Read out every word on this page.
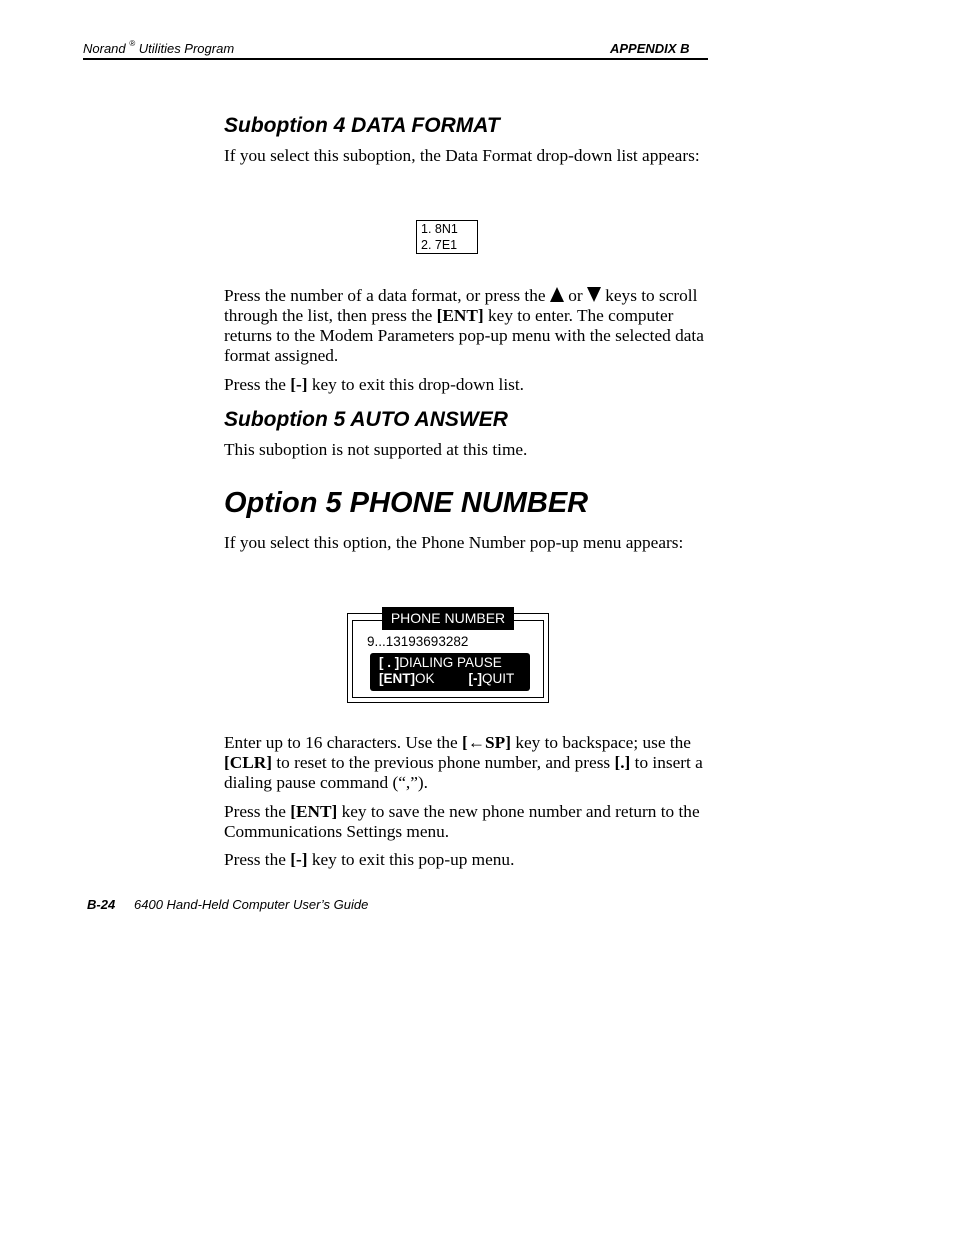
Norand ® Utilities Program	APPENDIX B
Suboption 4 DATA FORMAT
If you select this suboption, the Data Format drop-down list appears:
1. 8N1
2. 7E1
Press the number of a data format, or press the or keys to scroll through the list, then press the [ENT] key to enter. The computer returns to the Modem Parameters pop-up menu with the selected data format assigned.
Press the [-] key to exit this drop-down list.
Suboption 5 AUTO ANSWER
This suboption is not supported at this time.
Option 5 PHONE NUMBER
If you select this option, the Phone Number pop-up menu appears:
PHONE NUMBER
9...13193693282
[ . ]DIALING PAUSE
[ENT]OK	[-]QUIT
Enter up to 16 characters. Use the [←SP] key to backspace; use the [CLR] to reset to the previous phone number, and press [.] to insert a dialing pause command (“,”).
Press the [ENT] key to save the new phone number and return to the Communications Settings menu.
Press the [-] key to exit this pop-up menu.
B-24 6400 Hand-Held Computer User’s Guide
